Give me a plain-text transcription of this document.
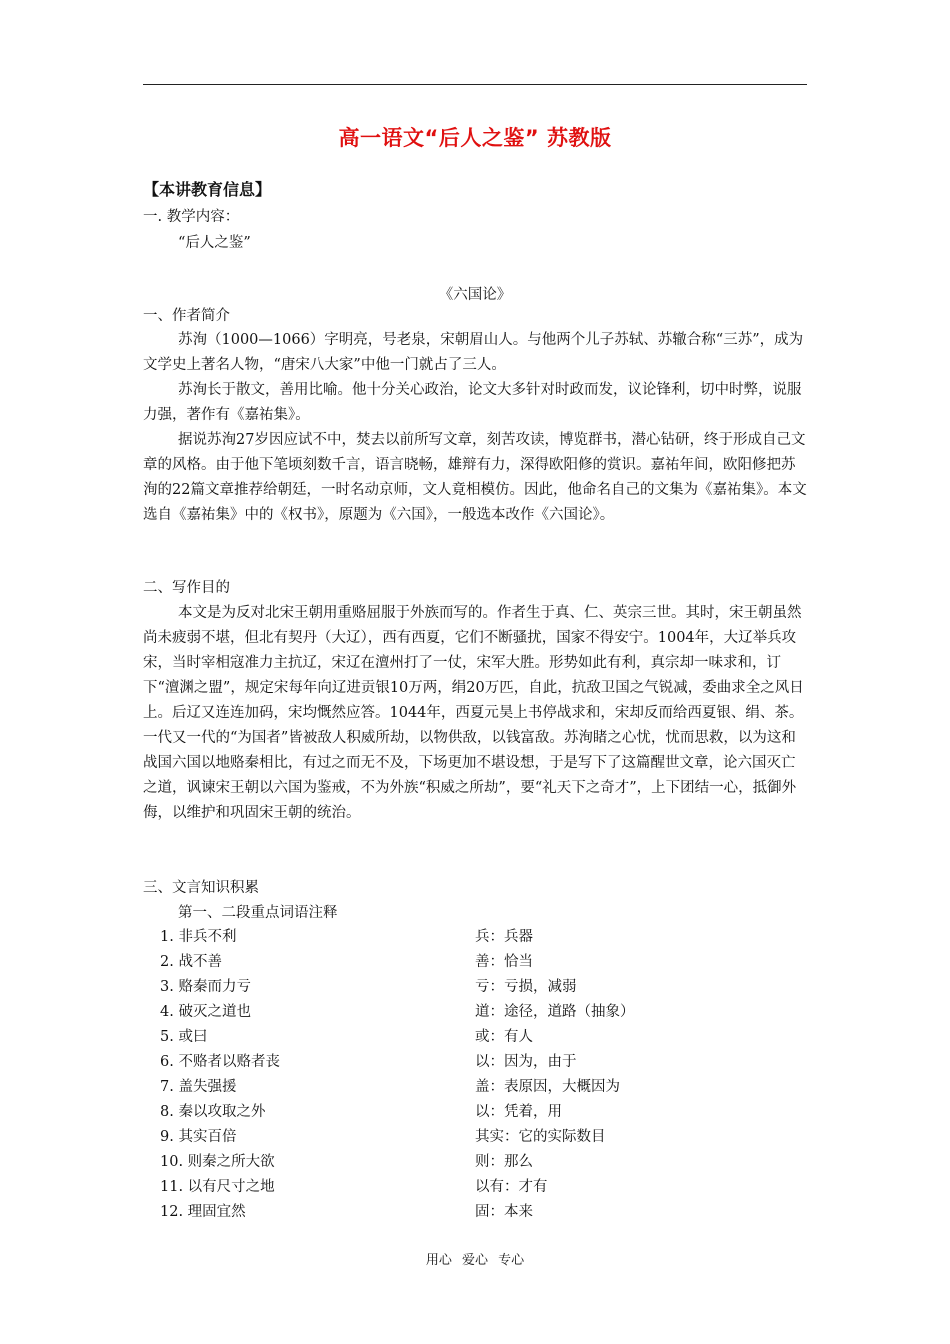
高一语文“后人之鉴” 苏教版
【本讲教育信息】
一. 教学内容：
“后人之鉴”
《六国论》
一、作者简介

苏洵（1000—1066）字明亮，号老泉，宋朝眉山人。与他两个儿子苏轼、苏辙合称“三苏”，成为文学史上著名人物，“唐宋八大家”中他一门就占了三人。

苏洵长于散文，善用比喻。他十分关心政治，论文大多针对时政而发，议论锋利，切中时弊，说服力强，著作有《嘉祐集》。

据说苏洵27岁因应试不中，焚去以前所写文章，刻苦攻读，博览群书，潜心钻研，终于形成自己文章的风格。由于他下笔顷刻数千言，语言晓畅，雄辩有力，深得欧阳修的赏识。嘉祐年间，欧阳修把苏洵的22篇文章推荐给朝廷，一时名动京师，文人竟相模仿。因此，他命名自己的文集为《嘉祐集》。本文选自《嘉祐集》中的《权书》，原题为《六国》，一般选本改作《六国论》。

二、写作目的

本文是为反对北宋王朝用重赂屈服于外族而写的。作者生于真、仁、英宗三世。其时，宋王朝虽然尚未疲弱不堪，但北有契丹（大辽），西有西夏，它们不断骚扰，国家不得安宁。1004年，大辽举兵攻宋，当时宰相寇准力主抗辽，宋辽在澶州打了一仗，宋军大胜。形势如此有利，真宗却一味求和，订下“澶渊之盟”，规定宋每年向辽进贡银10万两，绢20万匹，自此，抗敌卫国之气锐减，委曲求全之风日上。后辽又连连加码，宋均慨然应答。1044年，西夏元昊上书停战求和，宋却反而给西夏银、绢、茶。一代又一代的“为国者”皆被敌人积威所劫，以物供敌，以钱富敌。苏洵睹之心忧，忧而思救，以为这和战国六国以地赂秦相比，有过之而无不及，下场更加不堪设想，于是写下了这篇醒世文章，论六国灭亡之道，讽谏宋王朝以六国为鉴戒，不为外族“积威之所劫”，要“礼天下之奇才”，上下团结一心，抵御外侮，以维护和巩固宋王朝的统治。

三、文言知识积累
第一、二段重点词语注释
1. 非兵不利	兵：兵器
2. 战不善	善：恰当
3. 赂秦而力亏	亏：亏损，减弱
4. 破灭之道也	道：途径，道路（抽象）
5. 或曰	或：有人
6. 不赂者以赂者丧	以：因为，由于
7. 盖失强援	盖：表原因，大概因为
8. 秦以攻取之外	以：凭着，用
9. 其实百倍	其实：它的实际数目
10. 则秦之所大欲	则：那么
11. 以有尺寸之地	以有：才有
12. 理固宜然	固：本来
用心 爱心 专心
